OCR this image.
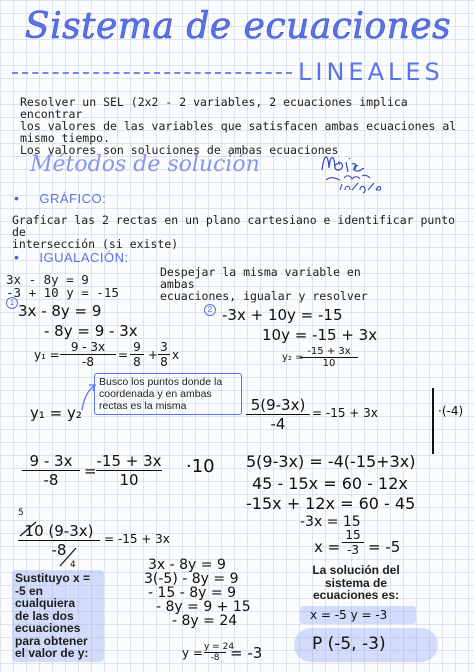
Sistema de ecuaciones
LINEALES
Resolver un SEL (2x2 - 2 variables, 2 ecuaciones implica encontrar
los valores de las variables que satisfacen ambas ecuaciones al
mismo tiempo.
Los valores son soluciones de ambas ecuaciones
Métodos de solución
• GRÁFICO:
Graficar las 2 rectas en un plano cartesiano e identificar punto de
intersección (si existe)
• IGUALACIÓN:
3x - 8y = 9
-3 + 10 y = -15
Despejar la misma variable en ambas
ecuaciones, igualar y resolver
1
2
3x - 8y = 9
- 8y = 9 - 3x
$y_1 = \frac{9 - 3x}{-8} = \frac{9}{8} + \frac{3}{8}$ x
-3x + 10y = -15
10y = -15 + 3x
y₂ =
$\frac{-15 + 3x}{10}$
Busco los puntos donde la coordenada y en ambas rectas es la misma
y₁ = y₂	$\frac{5(9-3x)}{-4} = -15 + 3x$	·(-4)
$\frac{9 - 3x}{-8} = \frac{-15 + 3x}{10} \cdot 10$ 5(9-3x) = -4(-15+3x)
45 - 15x = 60 - 12x
-15x + 12x = 60 - 45
-3x = 15
$x = \frac{15}{-3} = -5$
5
$\frac{10 (9-3x)}{-8}$
4
= -15 + 3x
Sustituyo x =
-5 en
cualquiera
de las dos
ecuaciones
para obtener
el valor de y:
3x - 8y = 9
3(-5) - 8y = 9
- 15 - 8y = 9
- 8y = 9 + 15
- 8y = 24
$y = \frac{y = 24}{-8} = -3$
La solución del
sistema de
ecuaciones es:
x = -5 y = -3
P (-5, -3)
